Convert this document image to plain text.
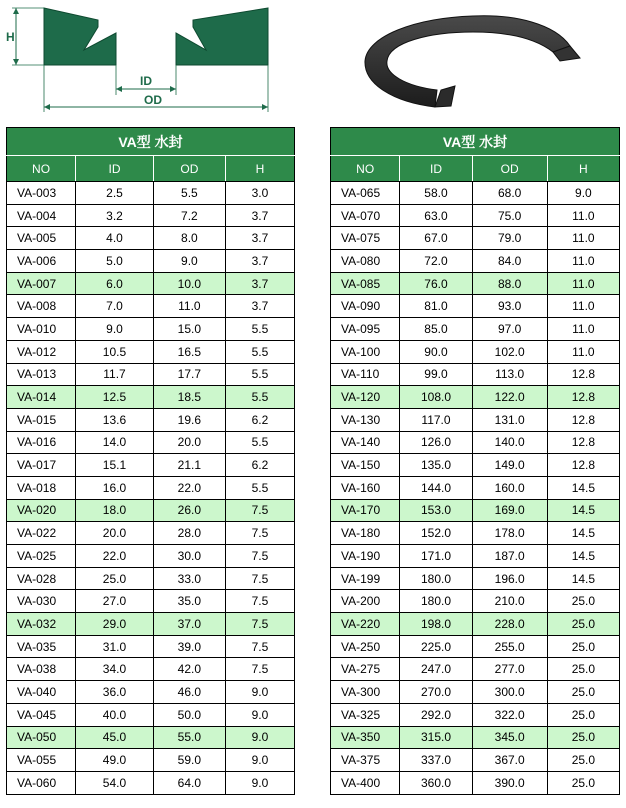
H
ID
OD
VA型 水封			
NO	ID	OD	H
VA-003	2.5	5.5	3.0
VA-004	3.2	7.2	3.7
VA-005	4.0	8.0	3.7
VA-006	5.0	9.0	3.7
VA-007	6.0	10.0	3.7
VA-008	7.0	11.0	3.7
VA-010	9.0	15.0	5.5
VA-012	10.5	16.5	5.5
VA-013	11.7	17.7	5.5
VA-014	12.5	18.5	5.5
VA-015	13.6	19.6	6.2
VA-016	14.0	20.0	5.5
VA-017	15.1	21.1	6.2
VA-018	16.0	22.0	5.5
VA-020	18.0	26.0	7.5
VA-022	20.0	28.0	7.5
VA-025	22.0	30.0	7.5
VA-028	25.0	33.0	7.5
VA-030	27.0	35.0	7.5
VA-032	29.0	37.0	7.5
VA-035	31.0	39.0	7.5
VA-038	34.0	42.0	7.5
VA-040	36.0	46.0	9.0
VA-045	40.0	50.0	9.0
VA-050	45.0	55.0	9.0
VA-055	49.0	59.0	9.0
VA-060	54.0	64.0	9.0
VA型 水封			
NO	ID	OD	H
VA-065	58.0	68.0	9.0
VA-070	63.0	75.0	11.0
VA-075	67.0	79.0	11.0
VA-080	72.0	84.0	11.0
VA-085	76.0	88.0	11.0
VA-090	81.0	93.0	11.0
VA-095	85.0	97.0	11.0
VA-100	90.0	102.0	11.0
VA-110	99.0	113.0	12.8
VA-120	108.0	122.0	12.8
VA-130	117.0	131.0	12.8
VA-140	126.0	140.0	12.8
VA-150	135.0	149.0	12.8
VA-160	144.0	160.0	14.5
VA-170	153.0	169.0	14.5
VA-180	152.0	178.0	14.5
VA-190	171.0	187.0	14.5
VA-199	180.0	196.0	14.5
VA-200	180.0	210.0	25.0
VA-220	198.0	228.0	25.0
VA-250	225.0	255.0	25.0
VA-275	247.0	277.0	25.0
VA-300	270.0	300.0	25.0
VA-325	292.0	322.0	25.0
VA-350	315.0	345.0	25.0
VA-375	337.0	367.0	25.0
VA-400	360.0	390.0	25.0
